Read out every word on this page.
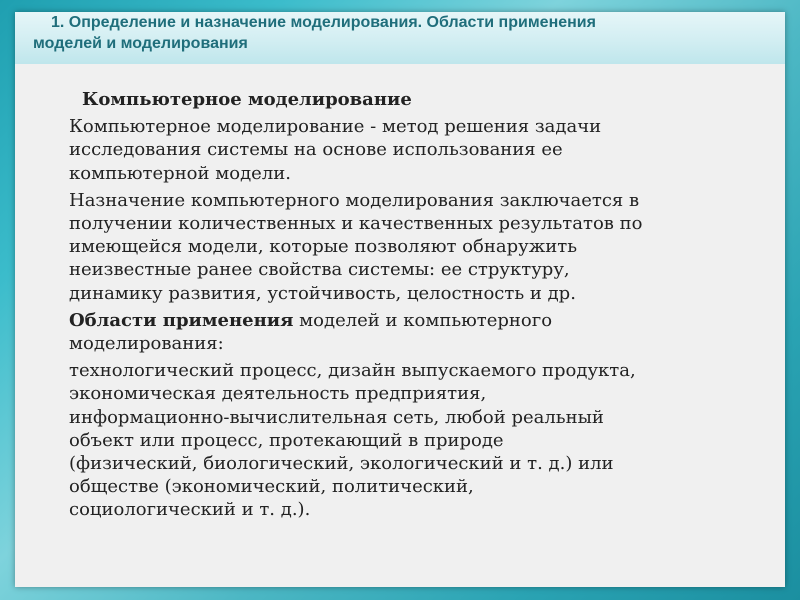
1. Определение и назначение моделирования. Области применения
моделей и моделирования

Компьютерное моделирование

Компьютерное моделирование - метод решения задачи
исследования системы на основе использования ее
компьютерной модели.

Назначение компьютерного моделирования заключается в
получении количественных и качественных результатов по
имеющейся модели, которые позволяют обнаружить
неизвестные ранее свойства системы: ее структуру,
динамику развития, устойчивость, целостность и др.

Области применения моделей и компьютерного
моделирования:

технологический процесс, дизайн выпускаемого продукта,
экономическая деятельность предприятия,
информационно-вычислительная сеть, любой реальный
объект или процесс, протекающий в природе
(физический, биологический, экологический и т. д.) или
обществе (экономический, политический,
социологический и т. д.).
